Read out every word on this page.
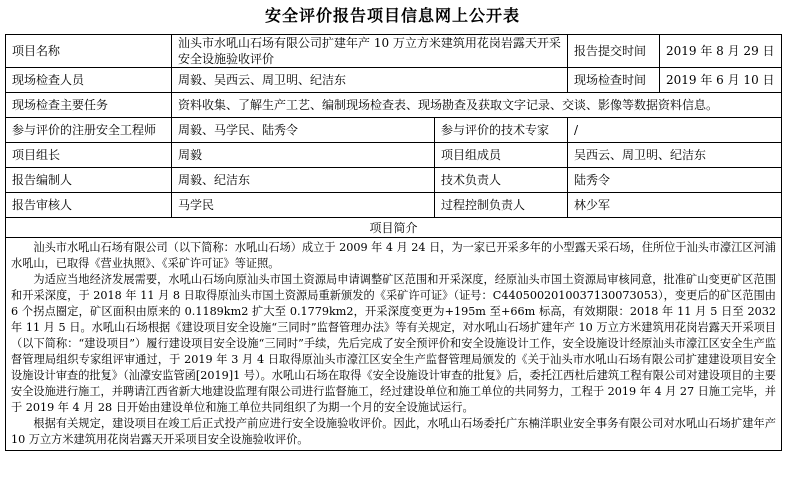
安全评价报告项目信息网上公开表
项目名称	汕头市水吼山石场有限公司扩建年产 10 万立方米建筑用花岗岩露天开采安全设施验收评价		报告提交时间	2019 年 8 月 29 日
现场检查人员	周毅、吴西云、周卫明、纪洁东		现场检查时间	2019 年 6 月 10 日
现场检查主要任务	资料收集、了解生产工艺、编制现场检查表、现场勘查及获取文字记录、交谈、影像等数据资料信息。			
参与评价的注册安全工程师	周毅、马学民、陆秀令	参与评价的技术专家	/	
项目组长	周毅	项目组成员	吴西云、周卫明、纪洁东	
报告编制人	周毅、纪洁东	技术负责人	陆秀令	
报告审核人	马学民	过程控制负责人	林少军	
项目简介				

汕头市水吼山石场有限公司（以下简称：水吼山石场）成立于 2009 年 4 月 24 日，为一家已开采多年的小型露天采石场，住所位于汕头市濠江区河浦水吼山，已取得《营业执照》、《采矿许可证》等证照。

为适应当地经济发展需要，水吼山石场向原汕头市国土资源局申请调整矿区范围和开采深度，经原汕头市国土资源局审核同意，批准矿山变更矿区范围和开采深度，于 2018 年 11 月 8 日取得原汕头市国土资源局重新颁发的《采矿许可证》（证号：C4405002010037130073053），变更后的矿区范围由 6 个拐点圈定，矿区面积由原来的 0.1189km2 扩大至 0.1779km2，开采深度变更为+195m 至+66m 标高，有效期限：2018 年 11 月 5 日至 2032 年 11 月 5 日。水吼山石场根据《建设项目安全设施“三同时”监督管理办法》等有关规定，对水吼山石场扩建年产 10 万立方米建筑用花岗岩露天开采项目（以下简称：“建设项目”）履行建设项目安全设施“三同时”手续，先后完成了安全预评价和安全设施设计工作，安全设施设计经原汕头市濠江区安全生产监督管理局组织专家组评审通过，于 2019 年 3 月 4 日取得原汕头市濠江区安全生产监督管理局颁发的《关于汕头市水吼山石场有限公司扩建建设项目安全设施设计审查的批复》（汕濠安监管函[2019]1 号）。水吼山石场在取得《安全设施设计审查的批复》后，委托江西杜后建筑工程有限公司对建设项目的主要安全设施进行施工，并聘请江西省新大地建设监理有限公司进行监督施工，经过建设单位和施工单位的共同努力，工程于 2019 年 4 月 27 日施工完毕，并于 2019 年 4 月 28 日开始由建设单位和施工单位共同组织了为期一个月的安全设施试运行。

根据有关规定，建设项目在竣工后正式投产前应进行安全设施验收评价。因此，水吼山石场委托广东楠洋职业安全事务有限公司对水吼山石场扩建年产 10 万立方米建筑用花岗岩露天开采项目安全设施验收评价。				
